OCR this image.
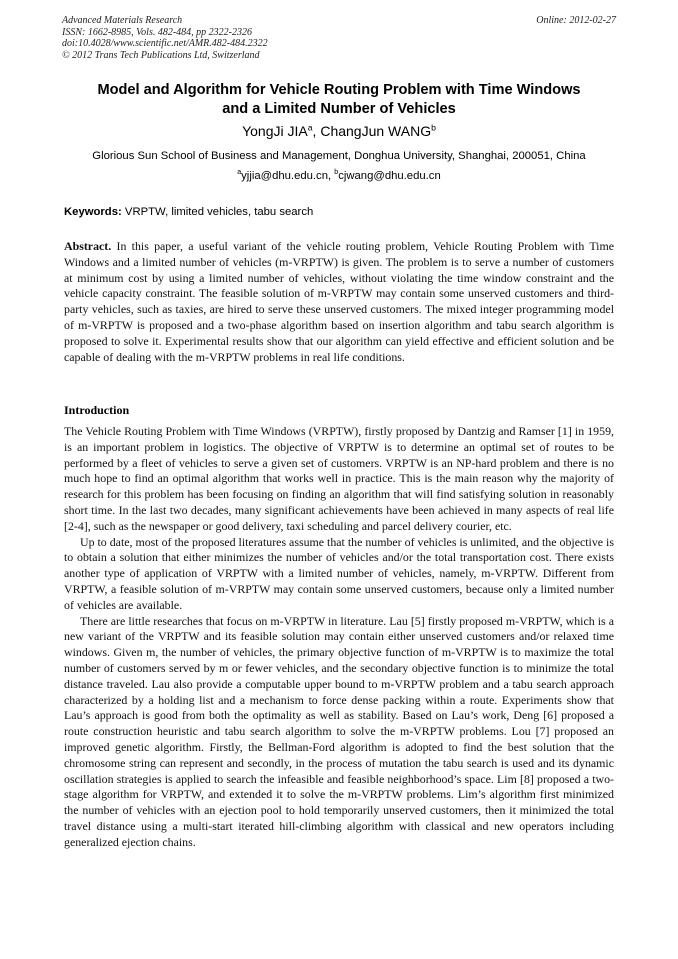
Advanced Materials Research	Online: 2012-02-27
ISSN: 1662-8985, Vols. 482-484, pp 2322-2326
doi:10.4028/www.scientific.net/AMR.482-484.2322
© 2012 Trans Tech Publications Ltd, Switzerland
Model and Algorithm for Vehicle Routing Problem with Time Windows
and a Limited Number of Vehicles
YongJi JIA$^a$, ChangJun WANG$^b$
Glorious Sun School of Business and Management, Donghua University, Shanghai, 200051, China
$^a$yjjia@dhu.edu.cn, $^b$cjwang@dhu.edu.cn
Keywords: VRPTW, limited vehicles, tabu search

Abstract. In this paper, a useful variant of the vehicle routing problem, Vehicle Routing Problem with Time Windows and a limited number of vehicles (m-VRPTW) is given. The problem is to serve a number of customers at minimum cost by using a limited number of vehicles, without violating the time window constraint and the vehicle capacity constraint. The feasible solution of m-VRPTW may contain some unserved customers and third-party vehicles, such as taxies, are hired to serve these unserved customers. The mixed integer programming model of m-VRPTW is proposed and a two-phase algorithm based on insertion algorithm and tabu search algorithm is proposed to solve it. Experimental results show that our algorithm can yield effective and efficient solution and be capable of dealing with the m-VRPTW problems in real life conditions.

Introduction

The Vehicle Routing Problem with Time Windows (VRPTW), firstly proposed by Dantzig and Ramser [1] in 1959, is an important problem in logistics. The objective of VRPTW is to determine an optimal set of routes to be performed by a fleet of vehicles to serve a given set of customers. VRPTW is an NP-hard problem and there is no much hope to find an optimal algorithm that works well in practice. This is the main reason why the majority of research for this problem has been focusing on finding an algorithm that will find satisfying solution in reasonably short time. In the last two decades, many significant achievements have been achieved in many aspects of real life [2-4], such as the newspaper or good delivery, taxi scheduling and parcel delivery courier, etc.

Up to date, most of the proposed literatures assume that the number of vehicles is unlimited, and the objective is to obtain a solution that either minimizes the number of vehicles and/or the total transportation cost. There exists another type of application of VRPTW with a limited number of vehicles, namely, m-VRPTW. Different from VRPTW, a feasible solution of m-VRPTW may contain some unserved customers, because only a limited number of vehicles are available.

There are little researches that focus on m-VRPTW in literature. Lau [5] firstly proposed m-VRPTW, which is a new variant of the VRPTW and its feasible solution may contain either unserved customers and/or relaxed time windows. Given m, the number of vehicles, the primary objective function of m-VRPTW is to maximize the total number of customers served by m or fewer vehicles, and the secondary objective function is to minimize the total distance traveled. Lau also provide a computable upper bound to m-VRPTW problem and a tabu search approach characterized by a holding list and a mechanism to force dense packing within a route. Experiments show that Lau’s approach is good from both the optimality as well as stability. Based on Lau’s work, Deng [6] proposed a route construction heuristic and tabu search algorithm to solve the m-VRPTW problems. Lou [7] proposed an improved genetic algorithm. Firstly, the Bellman-Ford algorithm is adopted to find the best solution that the chromosome string can represent and secondly, in the process of mutation the tabu search is used and its dynamic oscillation strategies is applied to search the infeasible and feasible neighborhood’s space. Lim [8] proposed a two-stage algorithm for VRPTW, and extended it to solve the m-VRPTW problems. Lim’s algorithm first minimized the number of vehicles with an ejection pool to hold temporarily unserved customers, then it minimized the total travel distance using a multi-start iterated hill-climbing algorithm with classical and new operators including generalized ejection chains.
